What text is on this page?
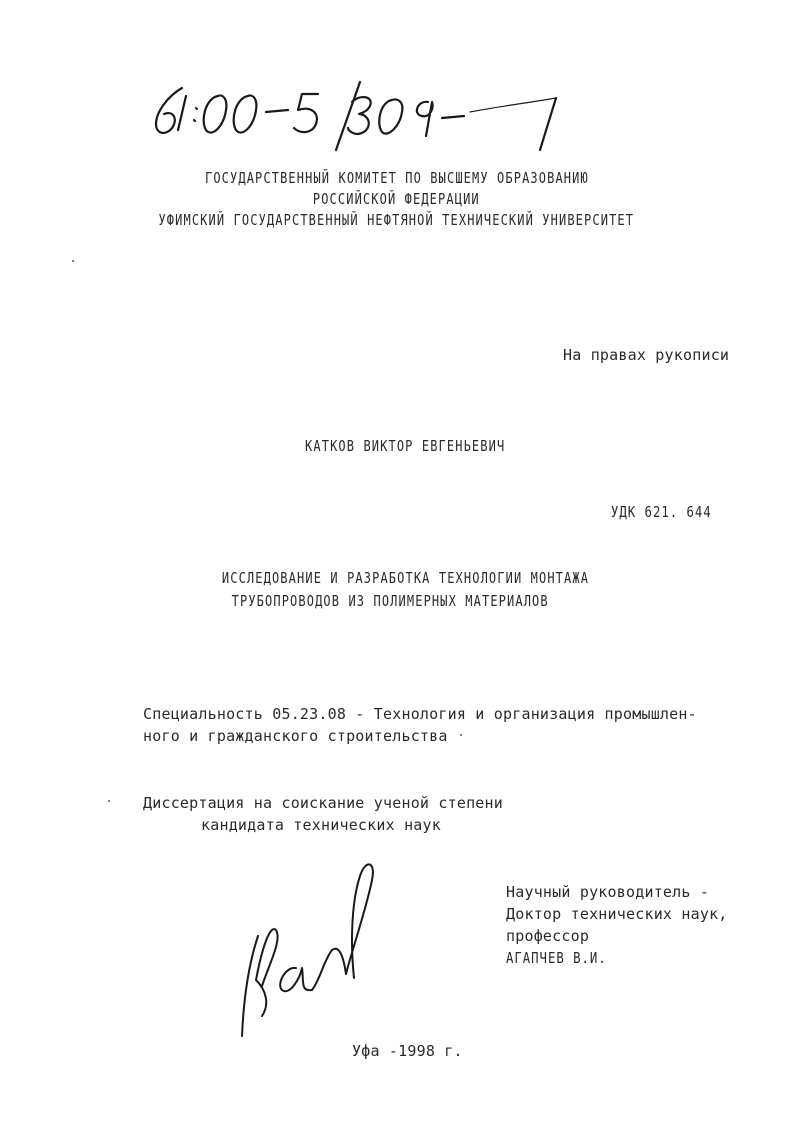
ГОСУДАРСТВЕННЫЙ КОМИТЕТ ПО ВЫСШЕМУ ОБРАЗОВАНИЮ
РОССИЙСКОЙ ФЕДЕРАЦИИ
УФИМСКИЙ ГОСУДАРСТВЕННЫЙ НЕФТЯНОЙ ТЕХНИЧЕСКИЙ УНИВЕРСИТЕТ
На правах рукописи
КАТКОВ ВИКТОР ЕВГЕНЬЕВИЧ
УДК 621. 644
ИССЛЕДОВАНИЕ И РАЗРАБОТКА ТЕХНОЛОГИИ МОНТАЖА
ТРУБОПРОВОДОВ ИЗ ПОЛИМЕРНЫХ МАТЕРИАЛОВ
Специальность 05.23.08 - Технология и организация промышлен-
ного и гражданского строительства
Диссертация на соискание ученой степени
кандидата технических наук
Научный руководитель -
Доктор технических наук,
профессор
АГАПЧЕВ В.И.
Уфа -1998 г.
